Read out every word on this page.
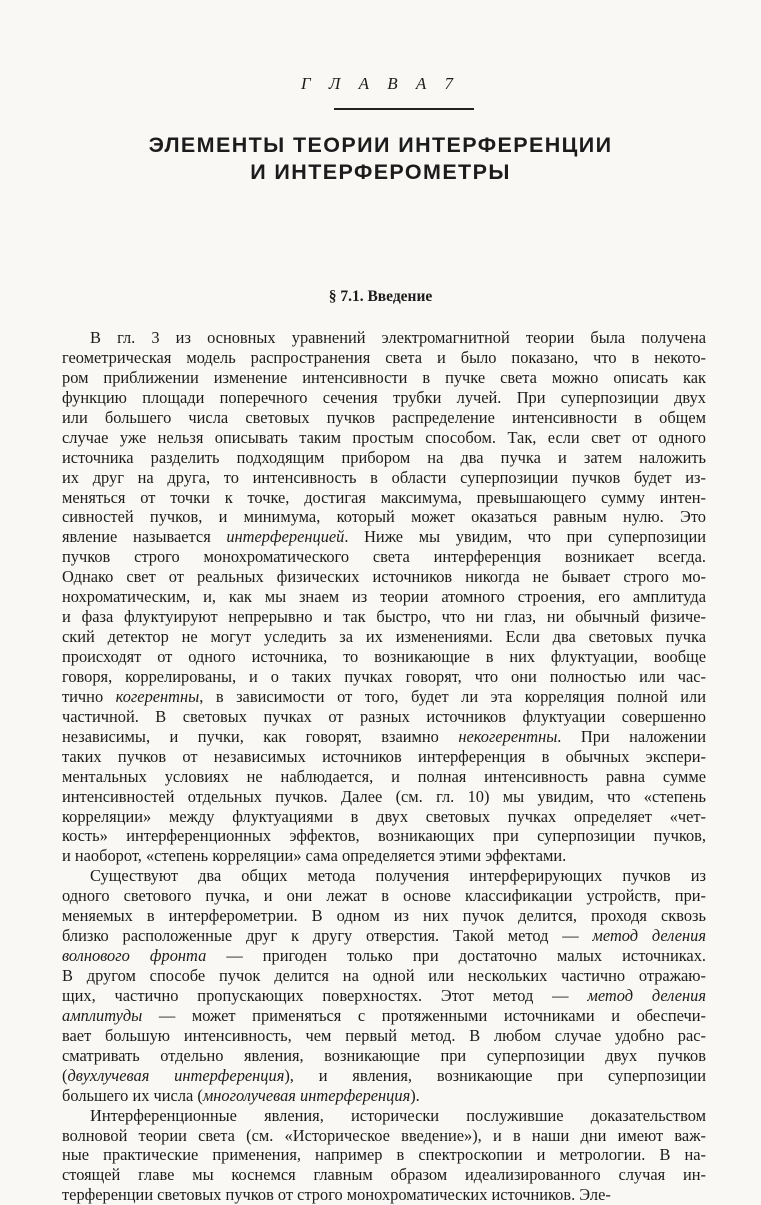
Г Л А В А 7
ЭЛЕМЕНТЫ ТЕОРИИ ИНТЕРФЕРЕНЦИИ
И ИНТЕРФЕРОМЕТРЫ
§ 7.1. Введение

В гл. 3 из основных уравнений электромагнитной теории была получена
геометрическая модель распространения света и было показано, что в некото-
ром приближении изменение интенсивности в пучке света можно описать как
функцию площади поперечного сечения трубки лучей. При суперпозиции двух
или большего числа световых пучков распределение интенсивности в общем
случае уже нельзя описывать таким простым способом. Так, если свет от одного
источника разделить подходящим прибором на два пучка и затем наложить
их друг на друга, то интенсивность в области суперпозиции пучков будет из-
меняться от точки к точке, достигая максимума, превышающего сумму интен-
сивностей пучков, и минимума, который может оказаться равным нулю. Это
явление называется интерференцией. Ниже мы увидим, что при суперпозиции
пучков строго монохроматического света интерференция возникает всегда.
Однако свет от реальных физических источников никогда не бывает строго мо-
нохроматическим, и, как мы знаем из теории атомного строения, его амплитуда
и фаза флуктуируют непрерывно и так быстро, что ни глаз, ни обычный физиче-
ский детектор не могут уследить за их изменениями. Если два световых пучка
происходят от одного источника, то возникающие в них флуктуации, вообще
говоря, коррелированы, и о таких пучках говорят, что они полностью или час-
тично когерентны, в зависимости от того, будет ли эта корреляция полной или
частичной. В световых пучках от разных источников флуктуации совершенно
независимы, и пучки, как говорят, взаимно некогерентны. При наложении
таких пучков от независимых источников интерференция в обычных экспери-
ментальных условиях не наблюдается, и полная интенсивность равна сумме
интенсивностей отдельных пучков. Далее (см. гл. 10) мы увидим, что «степень
корреляции» между флуктуациями в двух световых пучках определяет «чет-
кость» интерференционных эффектов, возникающих при суперпозиции пучков,
и наоборот, «степень корреляции» сама определяется этими эффектами.

Существуют два общих метода получения интерферирующих пучков из
одного светового пучка, и они лежат в основе классификации устройств, при-
меняемых в интерферометрии. В одном из них пучок делится, проходя сквозь
близко расположенные друг к другу отверстия. Такой метод — метод деления
волнового фронта — пригоден только при достаточно малых источниках.
В другом способе пучок делится на одной или нескольких частично отражаю-
щих, частично пропускающих поверхностях. Этот метод — метод деления
амплитуды — может применяться с протяженными источниками и обеспечи-
вает большую интенсивность, чем первый метод. В любом случае удобно рас-
сматривать отдельно явления, возникающие при суперпозиции двух пучков
(двухлучевая интерференция), и явления, возникающие при суперпозиции
большего их числа (многолучевая интерференция).

Интерференционные явления, исторически послужившие доказательством
волновой теории света (см. «Историческое введение»), и в наши дни имеют важ-
ные практические применения, например в спектроскопии и метрологии. В на-
стоящей главе мы коснемся главным образом идеализированного случая ин-
терференции световых пучков от строго монохроматических источников. Эле-
